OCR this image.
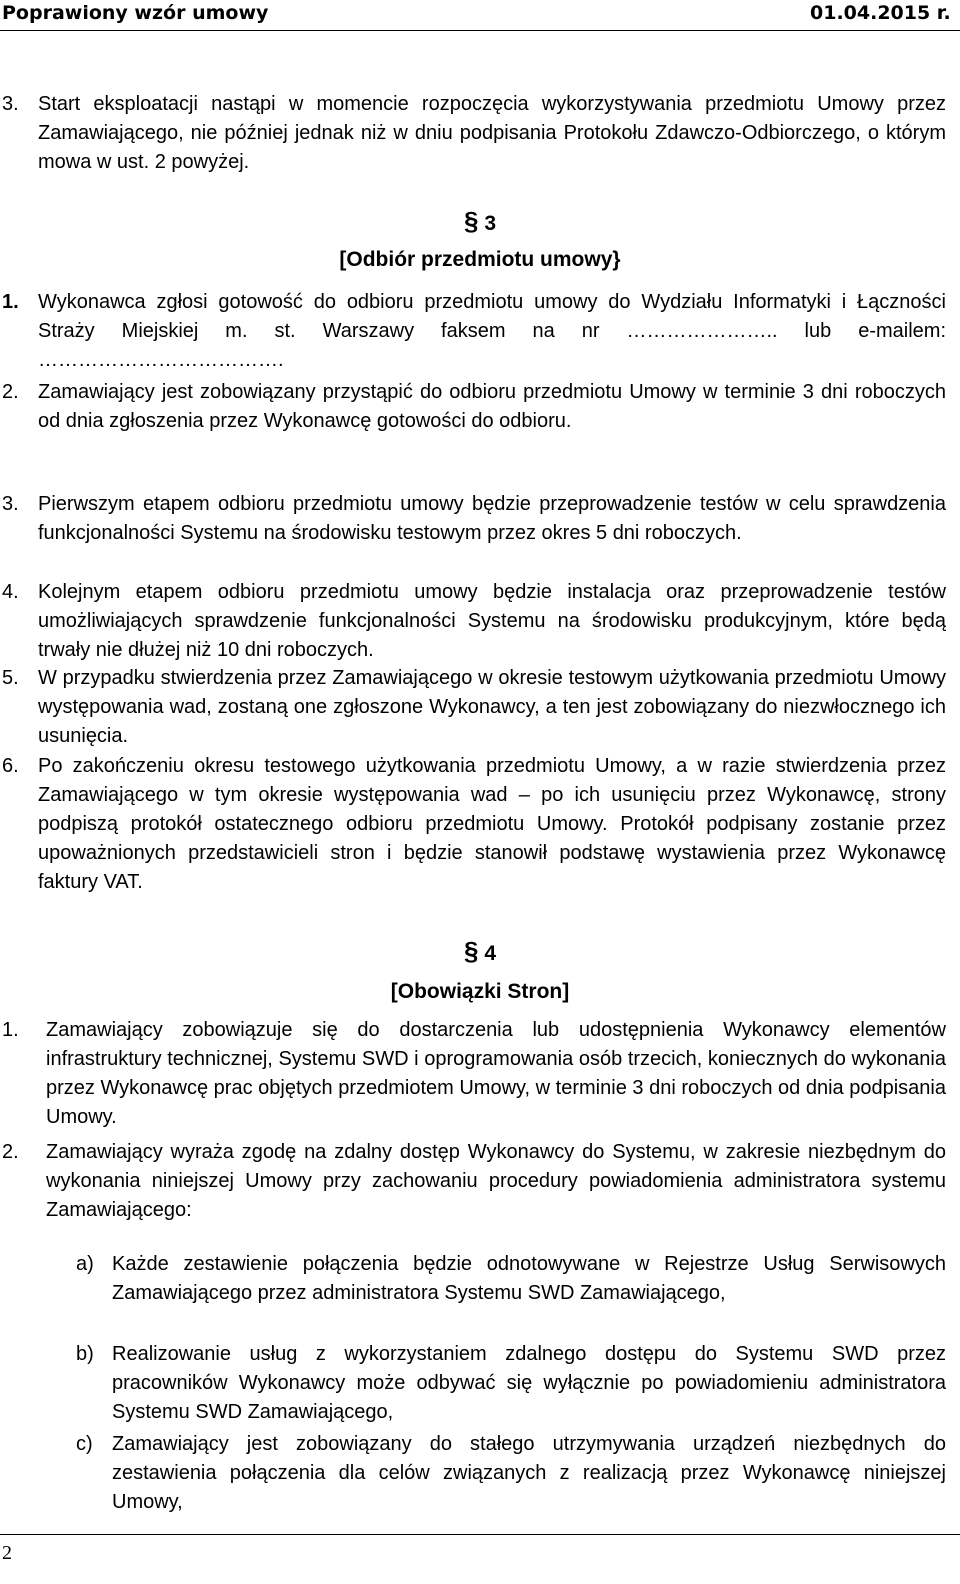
Poprawiony wzór umowy	01.04.2015 r.
3. Start eksploatacji nastąpi w momencie rozpoczęcia wykorzystywania przedmiotu Umowy przez Zamawiającego, nie później jednak niż w dniu podpisania Protokołu Zdawczo-Odbiorczego, o którym mowa w ust. 2 powyżej.
§ 3
[Odbiór przedmiotu umowy}
1. Wykonawca zgłosi gotowość do odbioru przedmiotu umowy do Wydziału Informatyki i Łączności Straży Miejskiej m. st. Warszawy faksem na nr ………………….. lub e-mailem: ……………………………….
2. Zamawiający jest zobowiązany przystąpić do odbioru przedmiotu Umowy w terminie 3 dni roboczych od dnia zgłoszenia przez Wykonawcę gotowości do odbioru.
3. Pierwszym etapem odbioru przedmiotu umowy będzie przeprowadzenie testów w celu sprawdzenia funkcjonalności Systemu na środowisku testowym przez okres 5 dni roboczych.
4. Kolejnym etapem odbioru przedmiotu umowy będzie instalacja oraz przeprowadzenie testów umożliwiających sprawdzenie funkcjonalności Systemu na środowisku produkcyjnym, które będą trwały nie dłużej niż 10 dni roboczych.
5. W przypadku stwierdzenia przez Zamawiającego w okresie testowym użytkowania przedmiotu Umowy występowania wad, zostaną one zgłoszone Wykonawcy, a ten jest zobowiązany do niezwłocznego ich usunięcia.
6. Po zakończeniu okresu testowego użytkowania przedmiotu Umowy, a w razie stwierdzenia przez Zamawiającego w tym okresie występowania wad – po ich usunięciu przez Wykonawcę, strony podpiszą protokół ostatecznego odbioru przedmiotu Umowy. Protokół podpisany zostanie przez upoważnionych przedstawicieli stron i będzie stanowił podstawę wystawienia przez Wykonawcę faktury VAT.
§ 4
[Obowiązki Stron]
1. Zamawiający zobowiązuje się do dostarczenia lub udostępnienia Wykonawcy elementów infrastruktury technicznej, Systemu SWD i oprogramowania osób trzecich, koniecznych do wykonania przez Wykonawcę prac objętych przedmiotem Umowy, w terminie 3 dni roboczych od dnia podpisania Umowy.
2. Zamawiający wyraża zgodę na zdalny dostęp Wykonawcy do Systemu, w zakresie niezbędnym do wykonania niniejszej Umowy przy zachowaniu procedury powiadomienia administratora systemu Zamawiającego:
a) Każde zestawienie połączenia będzie odnotowywane w Rejestrze Usług Serwisowych Zamawiającego przez administratora Systemu SWD Zamawiającego,
b) Realizowanie usług z wykorzystaniem zdalnego dostępu do Systemu SWD przez pracowników Wykonawcy może odbywać się wyłącznie po powiadomieniu administratora Systemu SWD Zamawiającego,
c) Zamawiający jest zobowiązany do stałego utrzymywania urządzeń niezbędnych do zestawienia połączenia dla celów związanych z realizacją przez Wykonawcę niniejszej Umowy,
2
